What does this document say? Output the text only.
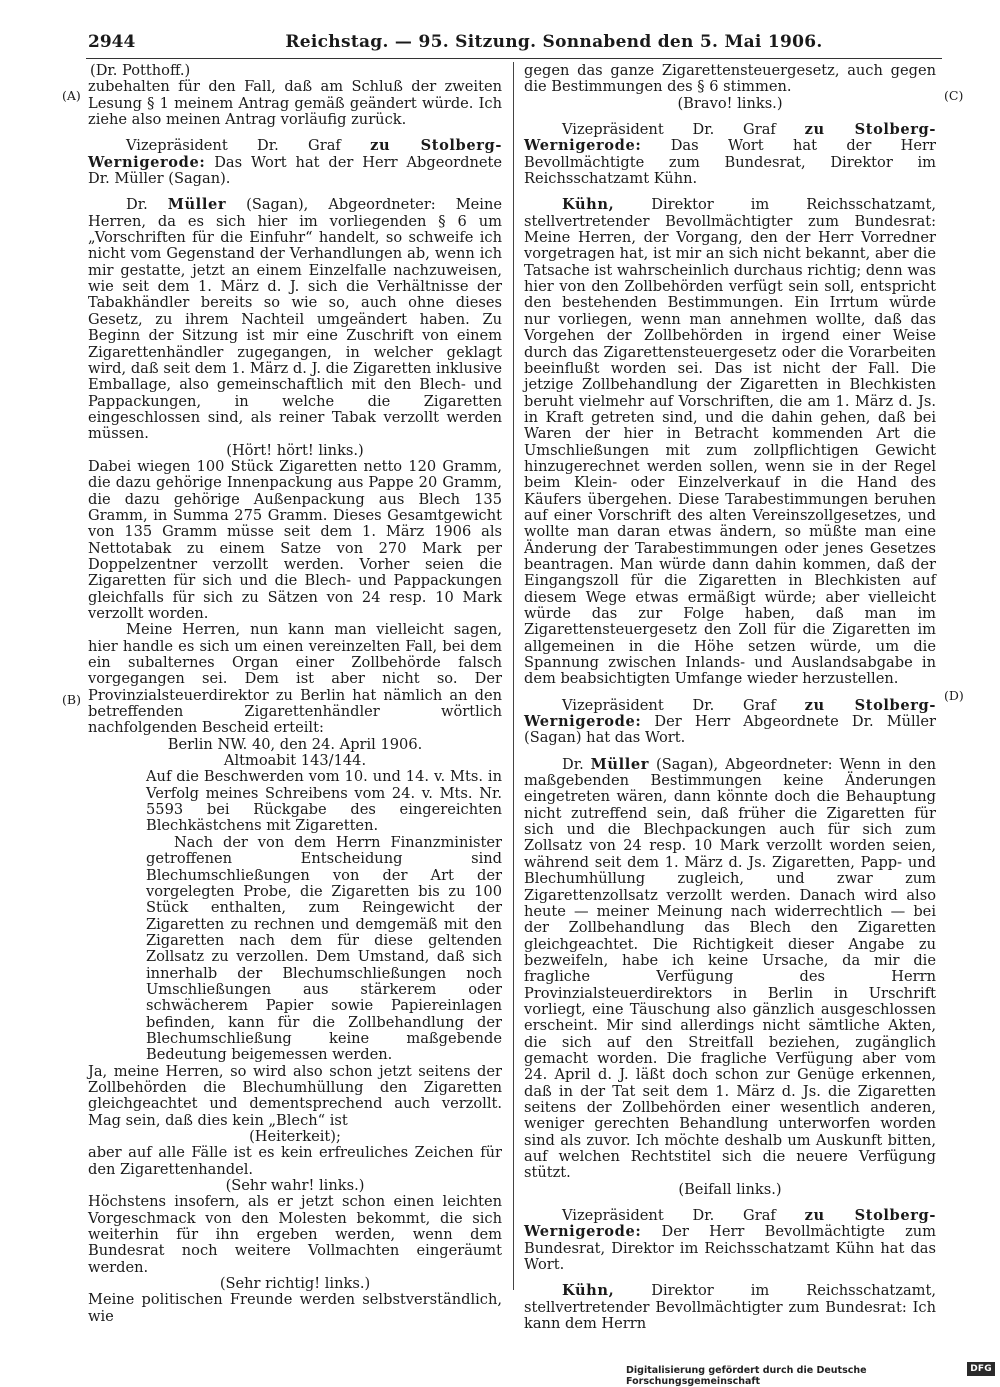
2944	Reichstag. — 95. Sitzung. Sonnabend den 5. Mai 1906.
(A)
(B)
(C)
(D)

(Dr. Potthoff.)

zubehalten für den Fall, daß am Schluß der zweiten Lesung § 1 meinem Antrag gemäß geändert würde. Ich ziehe also meinen Antrag vorläufig zurück.

Vizepräsident Dr. Graf zu Stolberg-Wernigerode: Das Wort hat der Herr Abgeordnete Dr. Müller (Sagan).

Dr. Müller (Sagan), Abgeordneter: Meine Herren, da es sich hier im vorliegenden § 6 um „Vorschriften für die Einfuhr“ handelt, so schweife ich nicht vom Gegenstand der Verhandlungen ab, wenn ich mir gestatte, jetzt an einem Einzelfalle nachzuweisen, wie seit dem 1. März d. J. sich die Verhältnisse der Tabakhändler bereits so wie so, auch ohne dieses Gesetz, zu ihrem Nachteil umgeändert haben. Zu Beginn der Sitzung ist mir eine Zuschrift von einem Zigarettenhändler zugegangen, in welcher geklagt wird, daß seit dem 1. März d. J. die Zigaretten inklusive Emballage, also gemeinschaftlich mit den Blech- und Pappackungen, in welche die Zigaretten eingeschlossen sind, als reiner Tabak verzollt werden müssen.

(Hört! hört! links.)

Dabei wiegen 100 Stück Zigaretten netto 120 Gramm, die dazu gehörige Innenpackung aus Pappe 20 Gramm, die dazu gehörige Außenpackung aus Blech 135 Gramm, in Summa 275 Gramm. Dieses Gesamtgewicht von 135 Gramm müsse seit dem 1. März 1906 als Nettotabak zu einem Satze von 270 Mark per Doppelzentner verzollt werden. Vorher seien die Zigaretten für sich und die Blech- und Pappackungen gleichfalls für sich zu Sätzen von 24 resp. 10 Mark verzollt worden.

Meine Herren, nun kann man vielleicht sagen, hier handle es sich um einen vereinzelten Fall, bei dem ein subalternes Organ einer Zollbehörde falsch vorgegangen sei. Dem ist aber nicht so. Der Provinzialsteuerdirektor zu Berlin hat nämlich an den betreffenden Zigarettenhändler wörtlich nachfolgenden Bescheid erteilt:

Berlin NW. 40, den 24. April 1906.

Altmoabit 143/144.

Auf die Beschwerden vom 10. und 14. v. Mts. in Verfolg meines Schreibens vom 24. v. Mts. Nr. 5593 bei Rückgabe des eingereichten Blechkästchens mit Zigaretten.

Nach der von dem Herrn Finanzminister getroffenen Entscheidung sind Blechumschließungen von der Art der vorgelegten Probe, die Zigaretten bis zu 100 Stück enthalten, zum Reingewicht der Zigaretten zu rechnen und demgemäß mit den Zigaretten nach dem für diese geltenden Zollsatz zu verzollen. Dem Umstand, daß sich innerhalb der Blechumschließungen noch Umschließungen aus stärkerem oder schwächerem Papier sowie Papiereinlagen befinden, kann für die Zollbehandlung der Blechumschließung keine maßgebende Bedeutung beigemessen werden.

Ja, meine Herren, so wird also schon jetzt seitens der Zollbehörden die Blechumhüllung den Zigaretten gleichgeachtet und dementsprechend auch verzollt. Mag sein, daß dies kein „Blech“ ist

(Heiterkeit);

aber auf alle Fälle ist es kein erfreuliches Zeichen für den Zigarettenhandel.

(Sehr wahr! links.)

Höchstens insofern, als er jetzt schon einen leichten Vorgeschmack von den Molesten bekommt, die sich weiterhin für ihn ergeben werden, wenn dem Bundesrat noch weitere Vollmachten eingeräumt werden.

(Sehr richtig! links.)

Meine politischen Freunde werden selbstverständlich, wie

gegen das ganze Zigarettensteuergesetz, auch gegen die Bestimmungen des § 6 stimmen.

(Bravo! links.)

Vizepräsident Dr. Graf zu Stolberg-Wernigerode: Das Wort hat der Herr Bevollmächtigte zum Bundesrat, Direktor im Reichsschatzamt Kühn.

Kühn, Direktor im Reichsschatzamt, stellvertretender Bevollmächtigter zum Bundesrat: Meine Herren, der Vorgang, den der Herr Vorredner vorgetragen hat, ist mir an sich nicht bekannt, aber die Tatsache ist wahrscheinlich durchaus richtig; denn was hier von den Zollbehörden verfügt sein soll, entspricht den bestehenden Bestimmungen. Ein Irrtum würde nur vorliegen, wenn man annehmen wollte, daß das Vorgehen der Zollbehörden in irgend einer Weise durch das Zigarettensteuergesetz oder die Vorarbeiten beeinflußt worden sei. Das ist nicht der Fall. Die jetzige Zollbehandlung der Zigaretten in Blechkisten beruht vielmehr auf Vorschriften, die am 1. März d. Js. in Kraft getreten sind, und die dahin gehen, daß bei Waren der hier in Betracht kommenden Art die Umschließungen mit zum zollpflichtigen Gewicht hinzugerechnet werden sollen, wenn sie in der Regel beim Klein- oder Einzelverkauf in die Hand des Käufers übergehen. Diese Tarabestimmungen beruhen auf einer Vorschrift des alten Vereinszollgesetzes, und wollte man daran etwas ändern, so müßte man eine Änderung der Tarabestimmungen oder jenes Gesetzes beantragen. Man würde dann dahin kommen, daß der Eingangszoll für die Zigaretten in Blechkisten auf diesem Wege etwas ermäßigt würde; aber vielleicht würde das zur Folge haben, daß man im Zigarettensteuergesetz den Zoll für die Zigaretten im allgemeinen in die Höhe setzen würde, um die Spannung zwischen Inlands- und Auslandsabgabe in dem beabsichtigten Umfange wieder herzustellen.

Vizepräsident Dr. Graf zu Stolberg-Wernigerode: Der Herr Abgeordnete Dr. Müller (Sagan) hat das Wort.

Dr. Müller (Sagan), Abgeordneter: Wenn in den maßgebenden Bestimmungen keine Änderungen eingetreten wären, dann könnte doch die Behauptung nicht zutreffend sein, daß früher die Zigaretten für sich und die Blechpackungen auch für sich zum Zollsatz von 24 resp. 10 Mark verzollt worden seien, während seit dem 1. März d. Js. Zigaretten, Papp- und Blechumhüllung zugleich, und zwar zum Zigarettenzollsatz verzollt werden. Danach wird also heute — meiner Meinung nach widerrechtlich — bei der Zollbehandlung das Blech den Zigaretten gleichgeachtet. Die Richtigkeit dieser Angabe zu bezweifeln, habe ich keine Ursache, da mir die fragliche Verfügung des Herrn Provinzialsteuerdirektors in Berlin in Urschrift vorliegt, eine Täuschung also gänzlich ausgeschlossen erscheint. Mir sind allerdings nicht sämtliche Akten, die sich auf den Streitfall beziehen, zugänglich gemacht worden. Die fragliche Verfügung aber vom 24. April d. J. läßt doch schon zur Genüge erkennen, daß in der Tat seit dem 1. März d. Js. die Zigaretten seitens der Zollbehörden einer wesentlich anderen, weniger gerechten Behandlung unterworfen worden sind als zuvor. Ich möchte deshalb um Auskunft bitten, auf welchen Rechtstitel sich die neuere Verfügung stützt.

(Beifall links.)

Vizepräsident Dr. Graf zu Stolberg-Wernigerode: Der Herr Bevollmächtigte zum Bundesrat, Direktor im Reichsschatzamt Kühn hat das Wort.

Kühn, Direktor im Reichsschatzamt, stellvertretender Bevollmächtigter zum Bundesrat: Ich kann dem Herrn

Digitalisierung gefördert durch die Deutsche Forschungsgemeinschaft
DFG
